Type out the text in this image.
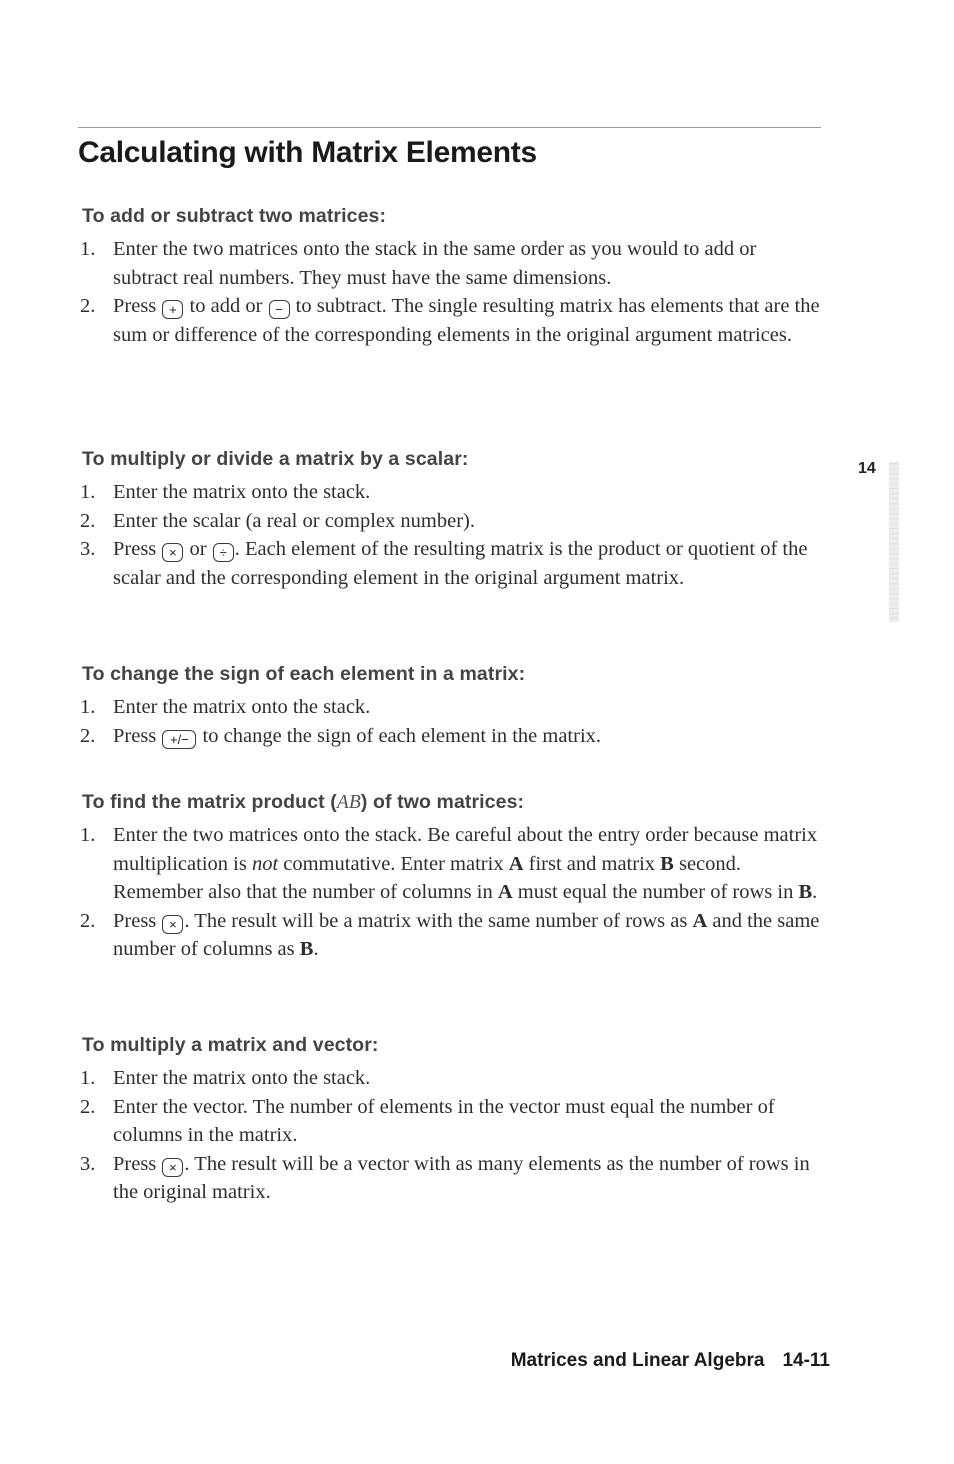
Calculating with Matrix Elements
14
To add or subtract two matrices:
1. Enter the two matrices onto the stack in the same order as you would to add or subtract real numbers. They must have the same dimensions.
2. Press + to add or − to subtract. The single resulting matrix has elements that are the sum or difference of the corresponding elements in the original argument matrices.
To multiply or divide a matrix by a scalar:
1. Enter the matrix onto the stack.
2. Enter the scalar (a real or complex number).
3. Press × or ÷ . Each element of the resulting matrix is the product or quotient of the scalar and the corresponding element in the original argument matrix.
To change the sign of each element in a matrix:
1. Enter the matrix onto the stack.
2. Press +/− to change the sign of each element in the matrix.
To find the matrix product (AB) of two matrices:
1. Enter the two matrices onto the stack. Be careful about the entry order because matrix multiplication is not commutative. Enter matrix A first and matrix B second. Remember also that the number of columns in A must equal the number of rows in B.
2. Press × . The result will be a matrix with the same number of rows as A and the same number of columns as B.
To multiply a matrix and vector:
1. Enter the matrix onto the stack.
2. Enter the vector. The number of elements in the vector must equal the number of columns in the matrix.
3. Press × . The result will be a vector with as many elements as the number of rows in the original matrix.
Matrices and Linear Algebra 14-11
